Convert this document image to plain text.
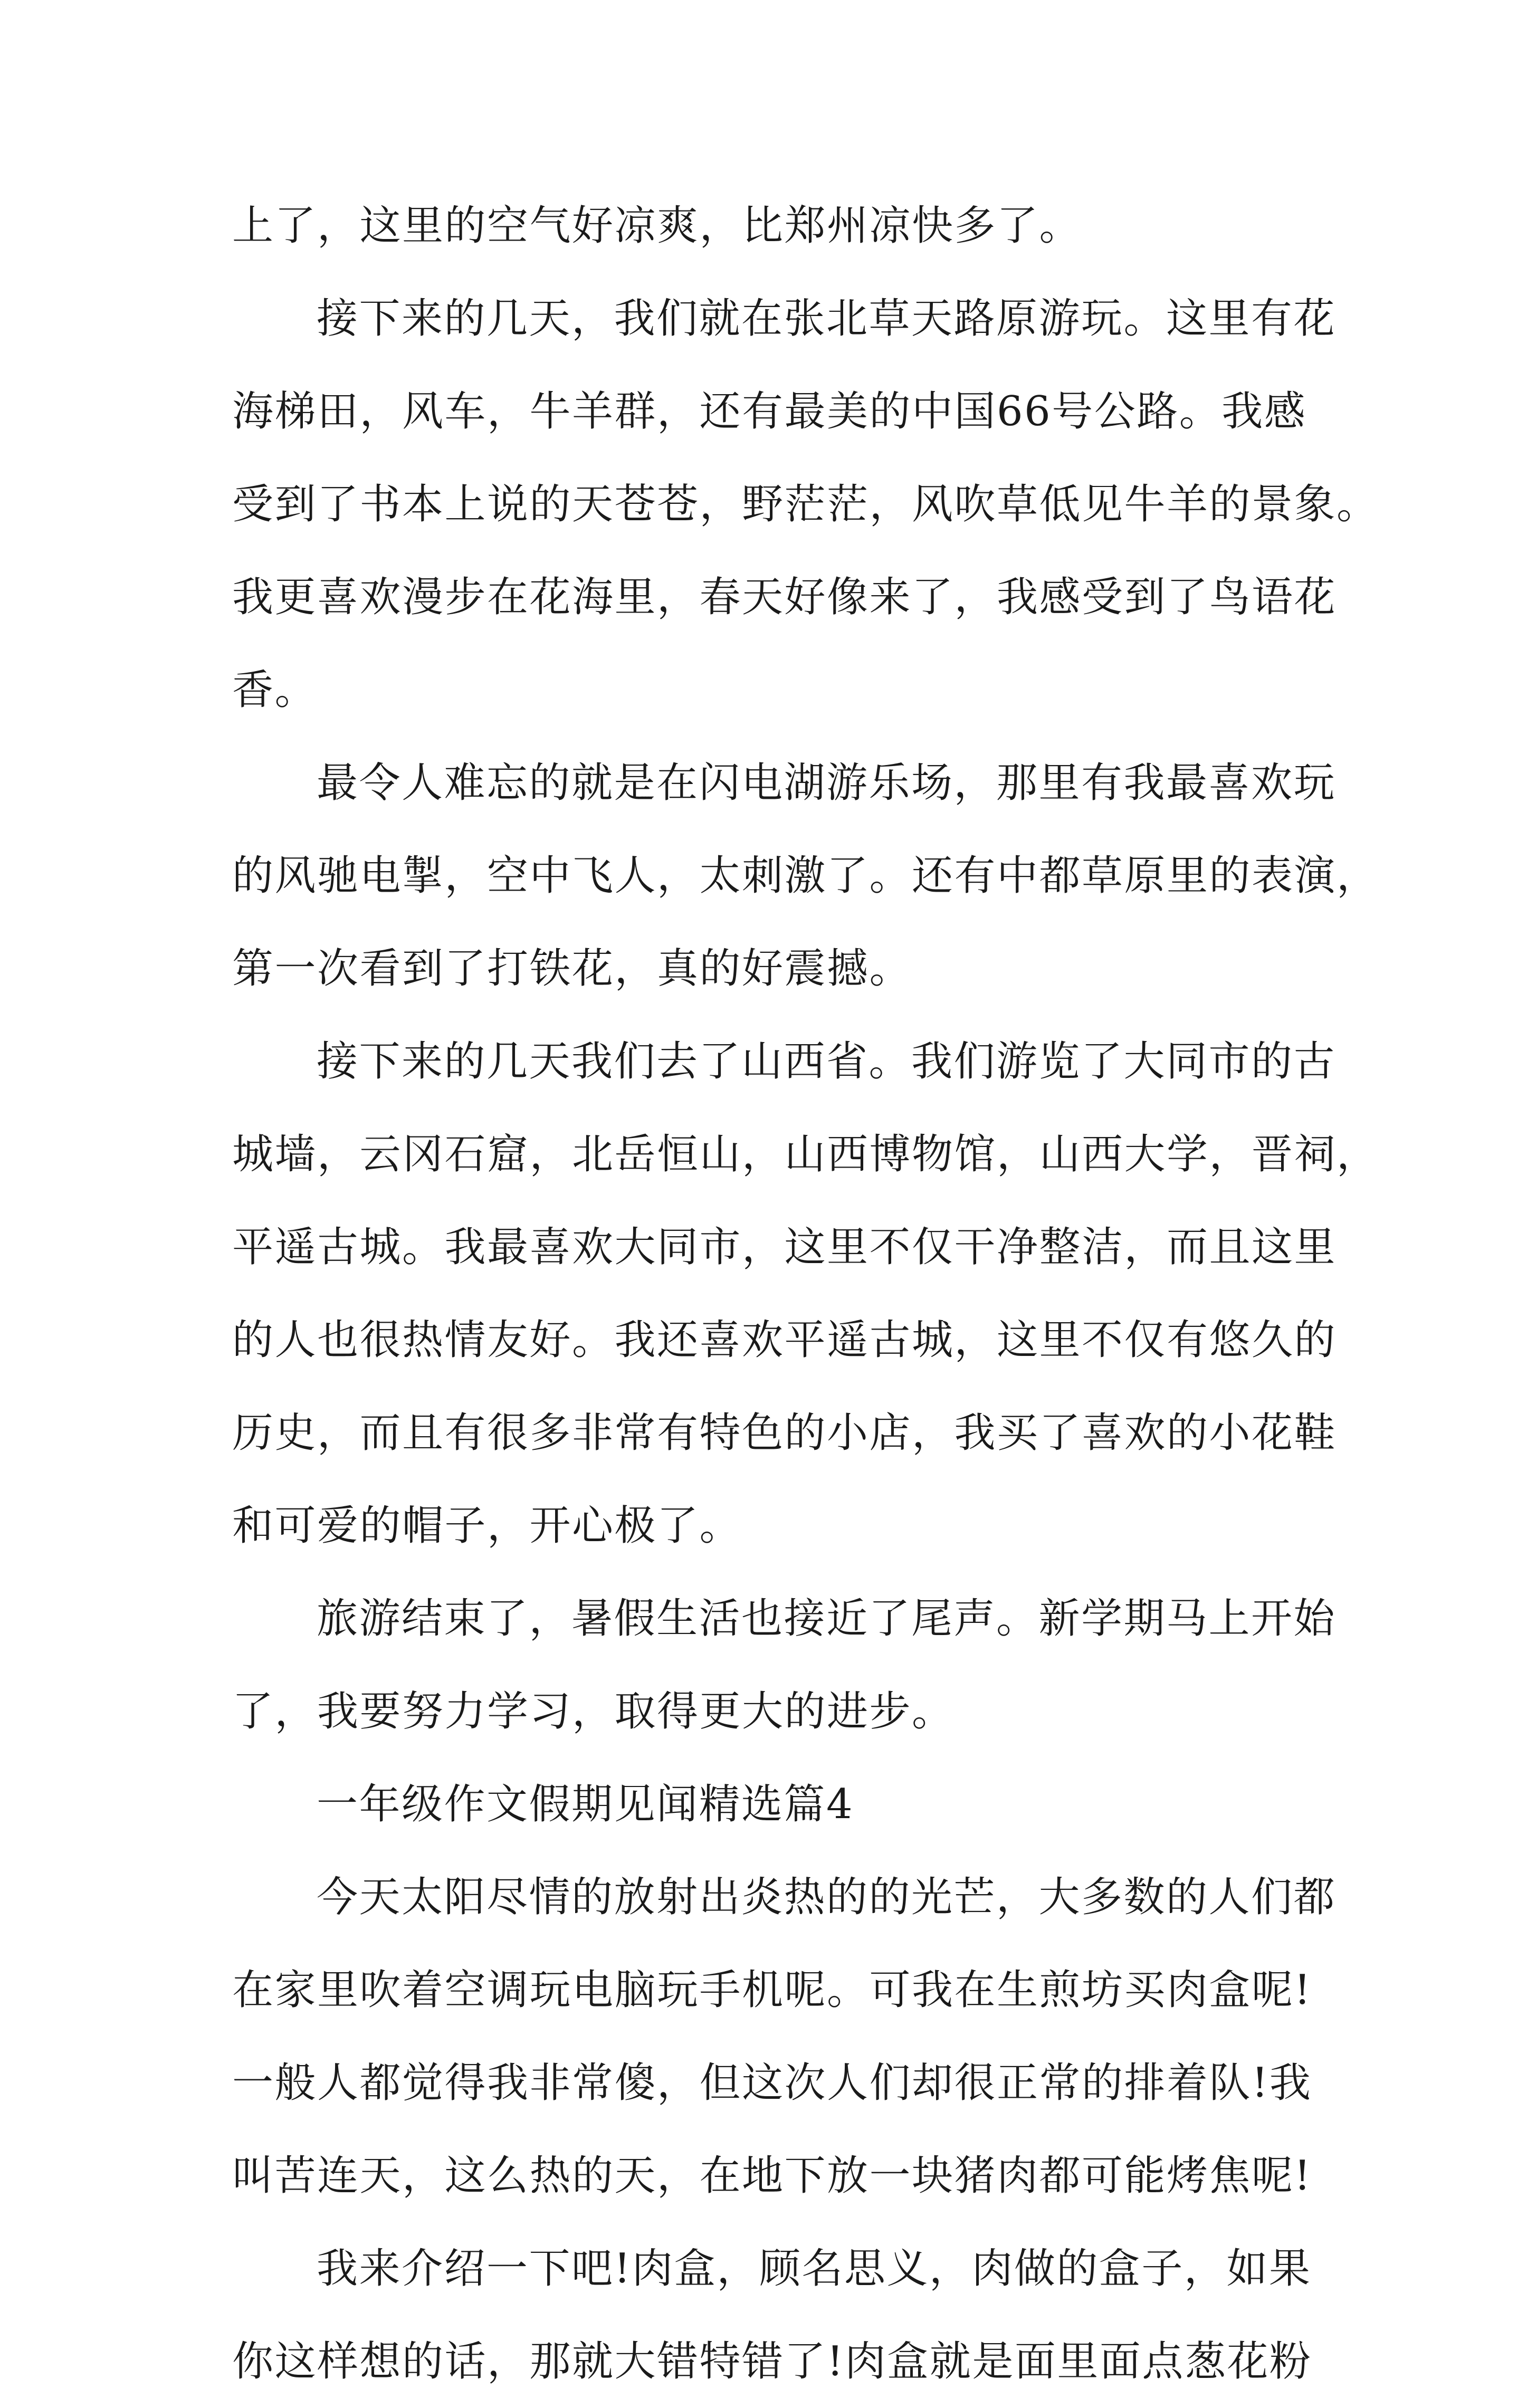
上了，这里的空气好凉爽，比郑州凉快多了。
接下来的几天，我们就在张北草天路原游玩。这里有花
海梯田，风车，牛羊群，还有最美的中国66号公路。我感
受到了书本上说的天苍苍，野茫茫，风吹草低见牛羊的景象。
我更喜欢漫步在花海里，春天好像来了，我感受到了鸟语花
香。
最令人难忘的就是在闪电湖游乐场，那里有我最喜欢玩
的风驰电掣，空中飞人，太刺激了。还有中都草原里的表演，
第一次看到了打铁花，真的好震撼。
接下来的几天我们去了山西省。我们游览了大同市的古
城墙，云冈石窟，北岳恒山，山西博物馆，山西大学，晋祠，
平遥古城。我最喜欢大同市，这里不仅干净整洁，而且这里
的人也很热情友好。我还喜欢平遥古城，这里不仅有悠久的
历史，而且有很多非常有特色的小店，我买了喜欢的小花鞋
和可爱的帽子，开心极了。
旅游结束了，暑假生活也接近了尾声。新学期马上开始
了，我要努力学习，取得更大的进步。
一年级作文假期见闻精选篇4
今天太阳尽情的放射出炎热的的光芒，大多数的人们都
在家里吹着空调玩电脑玩手机呢。可我在生煎坊买肉盒呢!
一般人都觉得我非常傻，但这次人们却很正常的排着队!我
叫苦连天，这么热的天，在地下放一块猪肉都可能烤焦呢!
我来介绍一下吧!肉盒，顾名思义，肉做的盒子，如果
你这样想的话，那就大错特错了!肉盒就是面里面点葱花粉
